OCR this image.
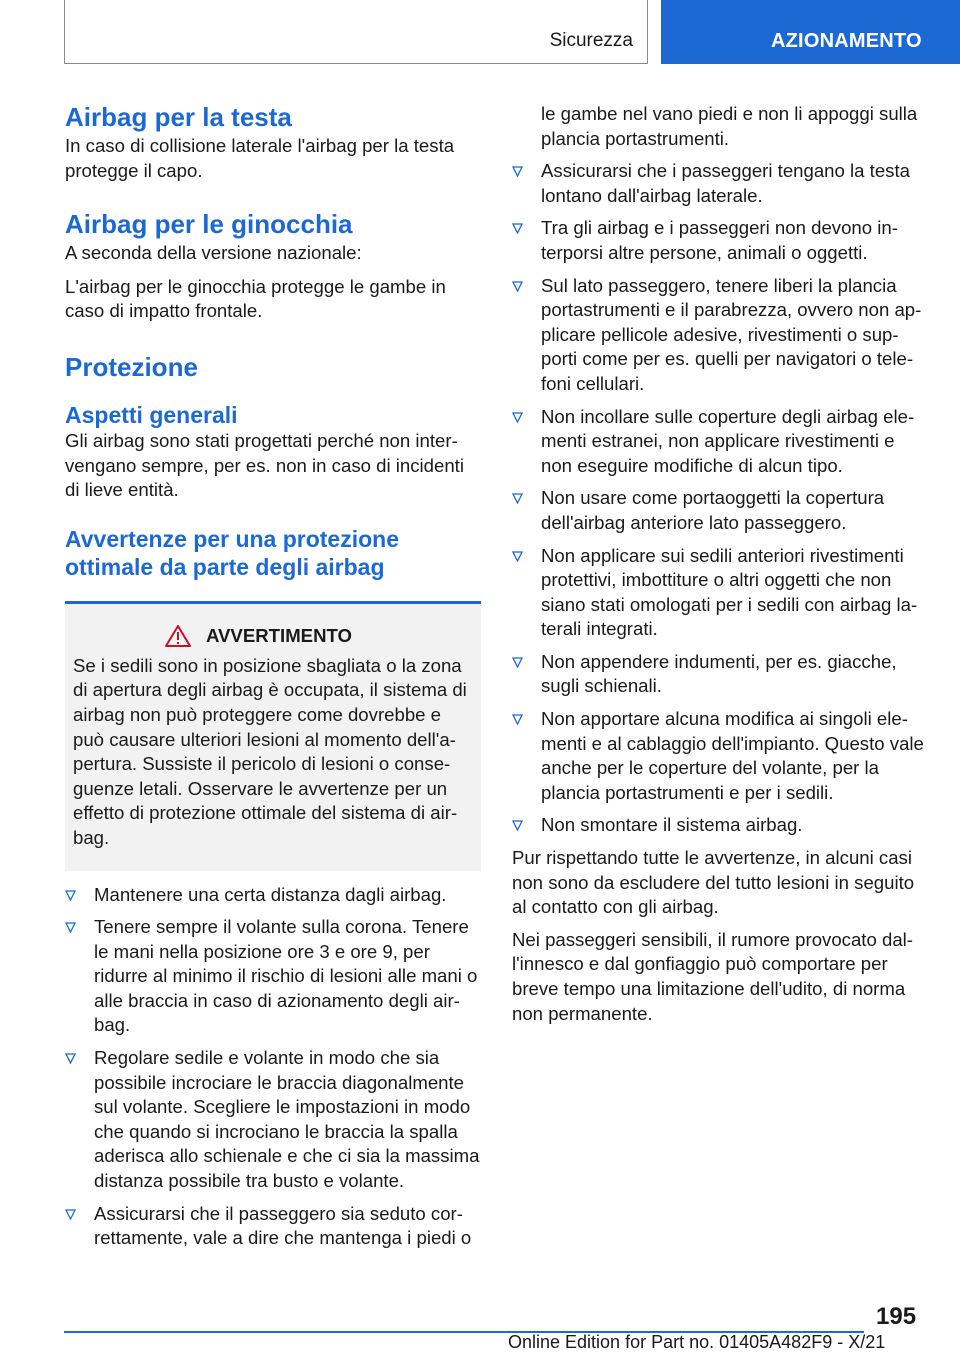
Sicurezza	AZIONAMENTO
Airbag per la testa

In caso di collisione laterale l'airbag per la testa protegge il capo.

Airbag per le ginocchia

A seconda della versione nazionale:

L'airbag per le ginocchia protegge le gambe in caso di impatto frontale.

Protezione
Aspetti generali

Gli airbag sono stati progettati perché non intervengano sempre, per es. non in caso di incidenti di lieve entità.

Avvertenze per una protezione ottimale da parte degli airbag
AVVERTIMENTO

Se i sedili sono in posizione sbagliata o la zona di apertura degli airbag è occupata, il sistema di airbag non può proteggere come dovrebbe e può causare ulteriori lesioni al momento dell'apertura. Sussiste il pericolo di lesioni o conseguenze letali. Osservare le avvertenze per un effetto di protezione ottimale del sistema di airbag.

Mantenere una certa distanza dagli airbag.

Tenere sempre il volante sulla corona. Tenere le mani nella posizione ore 3 e ore 9, per ridurre al minimo il rischio di lesioni alle mani o alle braccia in caso di azionamento degli airbag.

Regolare sedile e volante in modo che sia possibile incrociare le braccia diagonalmente sul volante. Scegliere le impostazioni in modo che quando si incrociano le braccia la spalla aderisca allo schienale e che ci sia la massima distanza possibile tra busto e volante.

Assicurarsi che il passeggero sia seduto correttamente, vale a dire che mantenga i piedi o

le gambe nel vano piedi e non li appoggi sulla plancia portastrumenti.

Assicurarsi che i passeggeri tengano la testa lontano dall'airbag laterale.

Tra gli airbag e i passeggeri non devono interporsi altre persone, animali o oggetti.

Sul lato passeggero, tenere liberi la plancia portastrumenti e il parabrezza, ovvero non applicare pellicole adesive, rivestimenti o supporti come per es. quelli per navigatori o telefoni cellulari.

Non incollare sulle coperture degli airbag elementi estranei, non applicare rivestimenti e non eseguire modifiche di alcun tipo.

Non usare come portaoggetti la copertura dell'airbag anteriore lato passeggero.

Non applicare sui sedili anteriori rivestimenti protettivi, imbottiture o altri oggetti che non siano stati omologati per i sedili con airbag laterali integrati.

Non appendere indumenti, per es. giacche, sugli schienali.

Non apportare alcuna modifica ai singoli elementi e al cablaggio dell'impianto. Questo vale anche per le coperture del volante, per la plancia portastrumenti e per i sedili.

Non smontare il sistema airbag.

Pur rispettando tutte le avvertenze, in alcuni casi non sono da escludere del tutto lesioni in seguito al contatto con gli airbag.

Nei passeggeri sensibili, il rumore provocato dall'innesco e dal gonfiaggio può comportare per breve tempo una limitazione dell'udito, di norma non permanente.

195
Online Edition for Part no. 01405A482F9 - X/21
